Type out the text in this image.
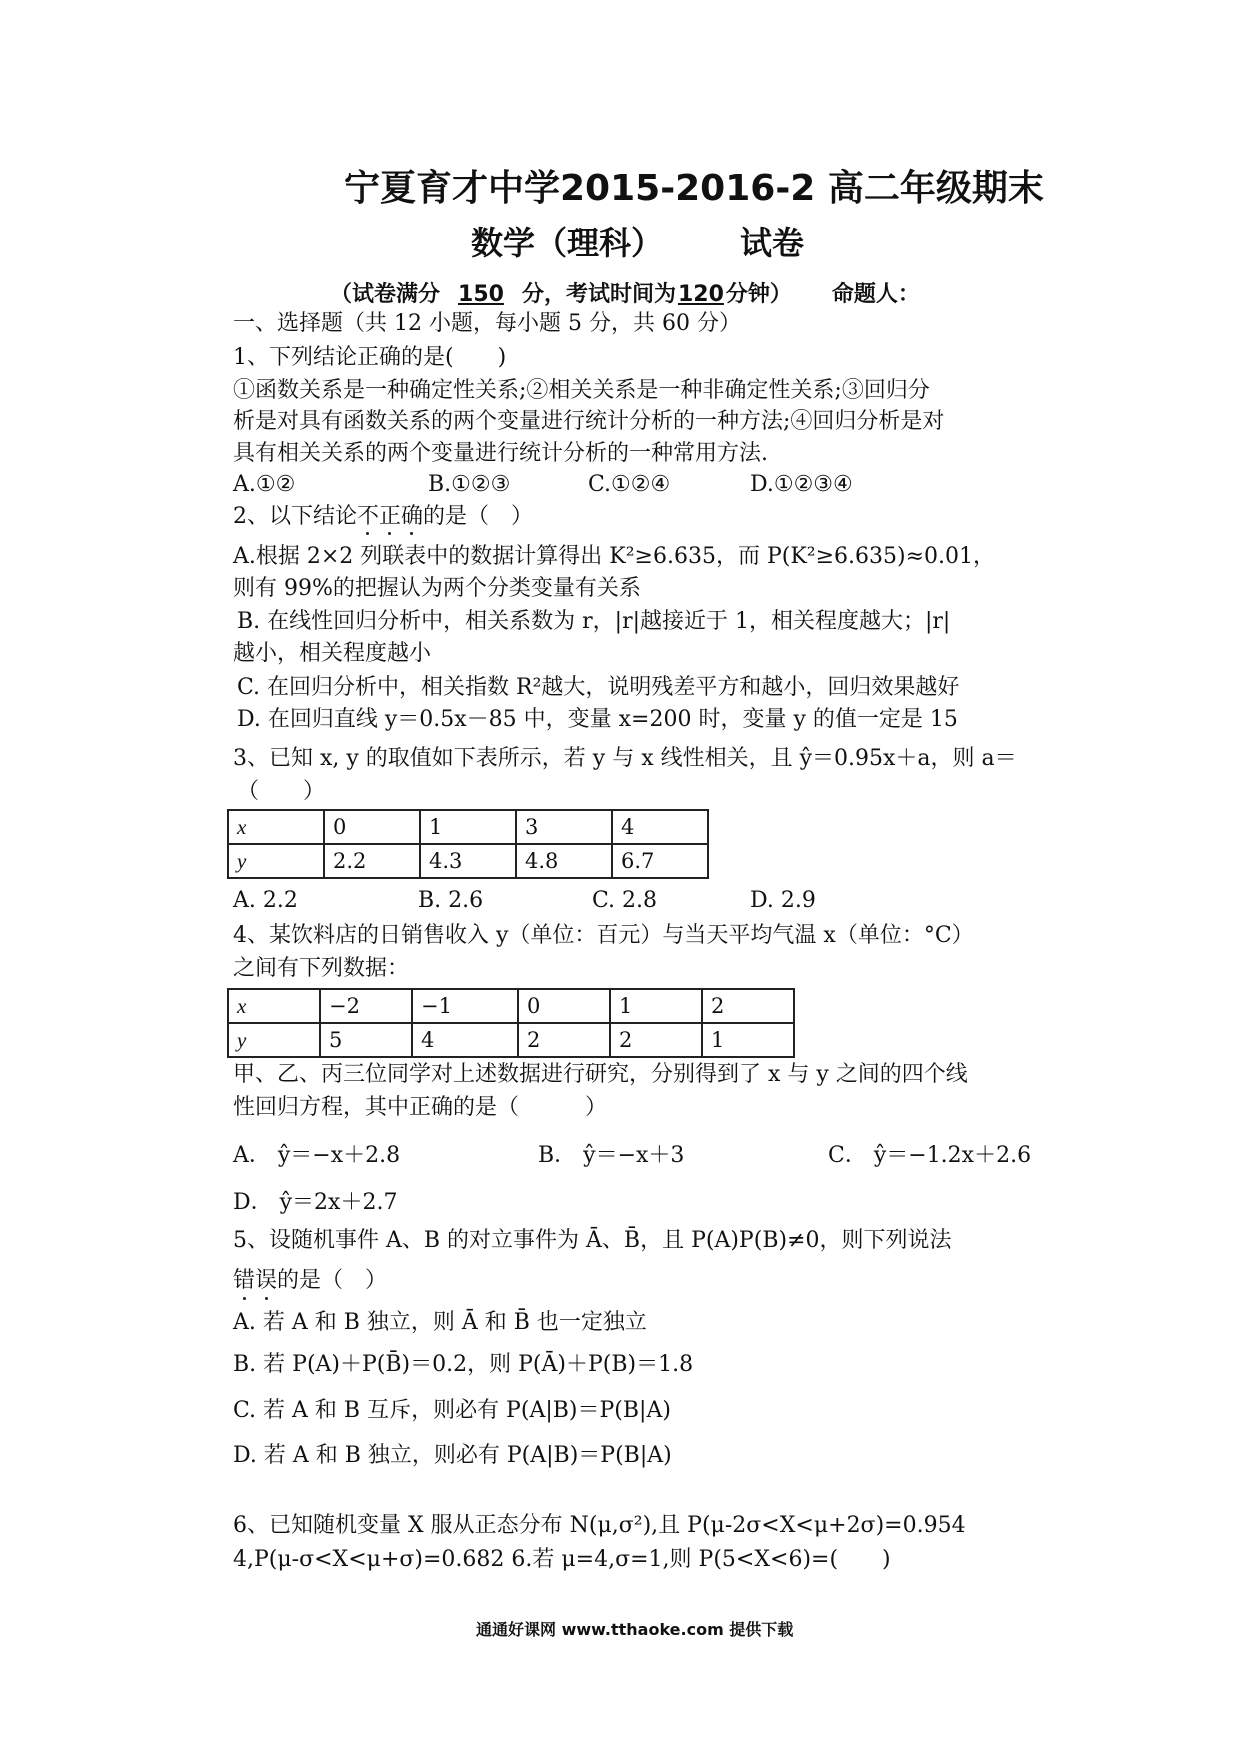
宁夏育才中学2015-2016-2 高二年级期末
数学（理科） 试卷
（试卷满分 150 分，考试时间为120分钟） 命题人：
一、选择题（共 12 小题，每小题 5 分，共 60 分）
1、下列结论正确的是(　　)
①函数关系是一种确定性关系;②相关关系是一种非确定性关系;③回归分
析是对具有函数关系的两个变量进行统计分析的一种方法;④回归分析是对
具有相关关系的两个变量进行统计分析的一种常用方法.
A.①②	B.①②③	C.①②④	D.①②③④
2、以下结论不正确的是（　）
A.根据 2×2 列联表中的数据计算得出 K²≥6.635，而 P(K²≥6.635)≈0.01，
则有 99%的把握认为两个分类变量有关系
B. 在线性回归分析中，相关系数为 r，|r|越接近于 1，相关程度越大；|r|
越小，相关程度越小
C. 在回归分析中，相关指数 R²越大，说明残差平方和越小，回归效果越好
D. 在回归直线 y＝0.5x－85 中，变量 x=200 时，变量 y 的值一定是 15
3、已知 x, y 的取值如下表所示，若 y 与 x 线性相关，且 ŷ＝0.95x＋a，则 a＝
（　　）
x	0	1	3	4
y	2.2	4.3	4.8	6.7
A. 2.2	B. 2.6	C. 2.8	D. 2.9
4、某饮料店的日销售收入 y（单位：百元）与当天平均气温 x（单位：°C）
之间有下列数据：
x	−2	−1	0	1	2
y	5	4	2	2	1
甲、乙、丙三位同学对上述数据进行研究，分别得到了 x 与 y 之间的四个线
性回归方程，其中正确的是（　　　）
A． ŷ＝−x＋2.8	B． ŷ＝−x＋3	C． ŷ＝−1.2x＋2.6
D． ŷ＝2x＋2.7
5、设随机事件 A、B 的对立事件为 Ā、B̄，且 P(A)P(B)≠0，则下列说法
错误的是（　）
A. 若 A 和 B 独立，则 Ā 和 B̄ 也一定独立
B. 若 P(A)＋P(B̄)＝0.2，则 P(Ā)＋P(B)＝1.8
C. 若 A 和 B 互斥，则必有 P(A|B)＝P(B|A)
D. 若 A 和 B 独立，则必有 P(A|B)＝P(B|A)
6、已知随机变量 X 服从正态分布 N(μ,σ²),且 P(μ-2σ<X<μ+2σ)=0.954
4,P(μ-σ<X<μ+σ)=0.682 6.若 μ=4,σ=1,则 P(5<X<6)=(　　)
通通好课网 www.tthaoke.com 提供下载
